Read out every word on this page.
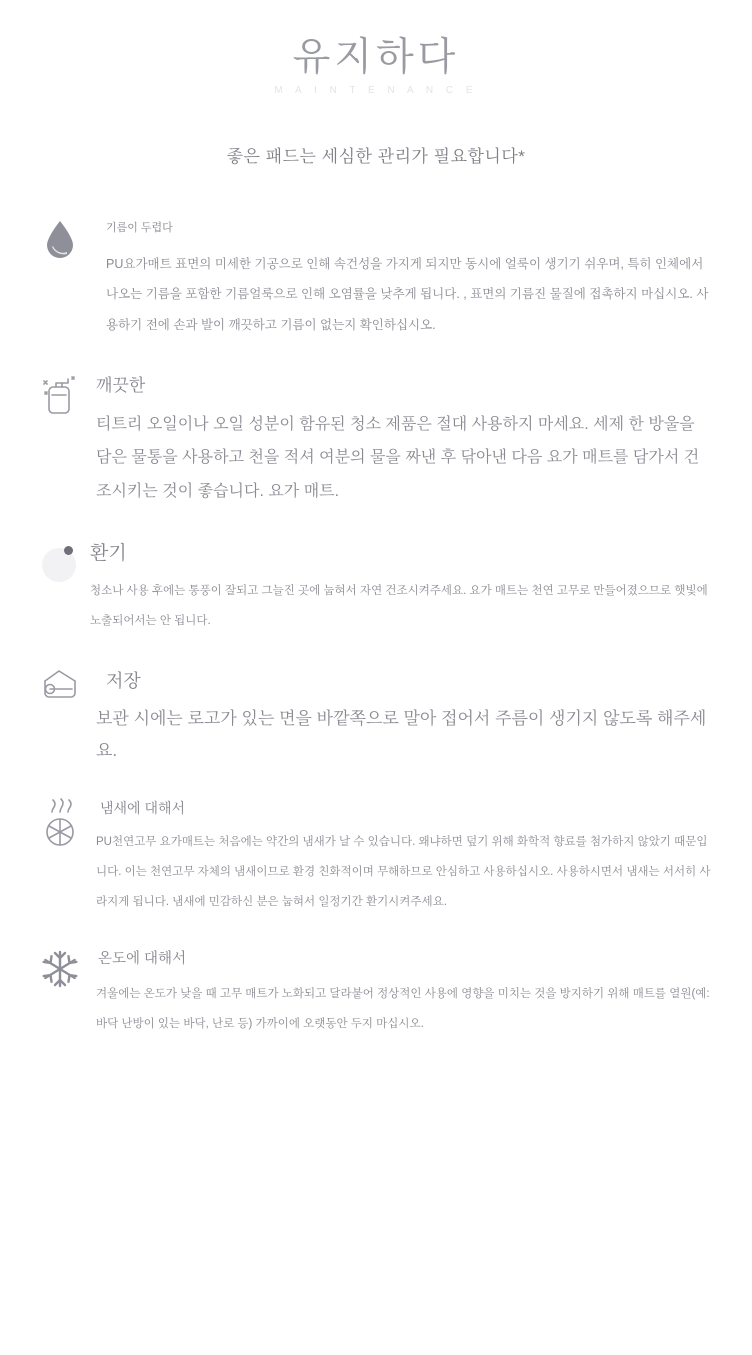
유지하다
M A I N T E N A N C E
좋은 패드는 세심한 관리가 필요합니다*
기름이 두렵다

PU요가매트 표면의 미세한 기공으로 인해 속건성을 가지게 되지만 동시에 얼룩이 생기기 쉬우며, 특히 인체에서 나오는 기름을 포함한 기름얼룩으로 인해 오염률을 낮추게 됩니다. , 표면의 기름진 물질에 접촉하지 마십시오. 사용하기 전에 손과 발이 깨끗하고 기름이 없는지 확인하십시오.

깨끗한

티트리 오일이나 오일 성분이 함유된 청소 제품은 절대 사용하지 마세요. 세제 한 방울을 담은 물통을 사용하고 천을 적셔 여분의 물을 짜낸 후 닦아낸 다음 요가 매트를 담가서 건조시키는 것이 좋습니다. 요가 매트.

환기

청소나 사용 후에는 통풍이 잘되고 그늘진 곳에 눕혀서 자연 건조시켜주세요. 요가 매트는 천연 고무로 만들어졌으므로 햇빛에 노출되어서는 안 됩니다.

저장

보관 시에는 로고가 있는 면을 바깥쪽으로 말아 접어서 주름이 생기지 않도록 해주세요.

냄새에 대해서

PU천연고무 요가매트는 처음에는 약간의 냄새가 날 수 있습니다. 왜냐하면 덮기 위해 화학적 향료를 첨가하지 않았기 때문입니다. 이는 천연고무 자체의 냄새이므로 환경 친화적이며 무해하므로 안심하고 사용하십시오. 사용하시면서 냄새는 서서히 사라지게 됩니다. 냄새에 민감하신 분은 눕혀서 일정기간 환기시켜주세요.

온도에 대해서

겨울에는 온도가 낮을 때 고무 매트가 노화되고 달라붙어 정상적인 사용에 영향을 미치는 것을 방지하기 위해 매트를 열원(예: 바닥 난방이 있는 바닥, 난로 등) 가까이에 오랫동안 두지 마십시오.
